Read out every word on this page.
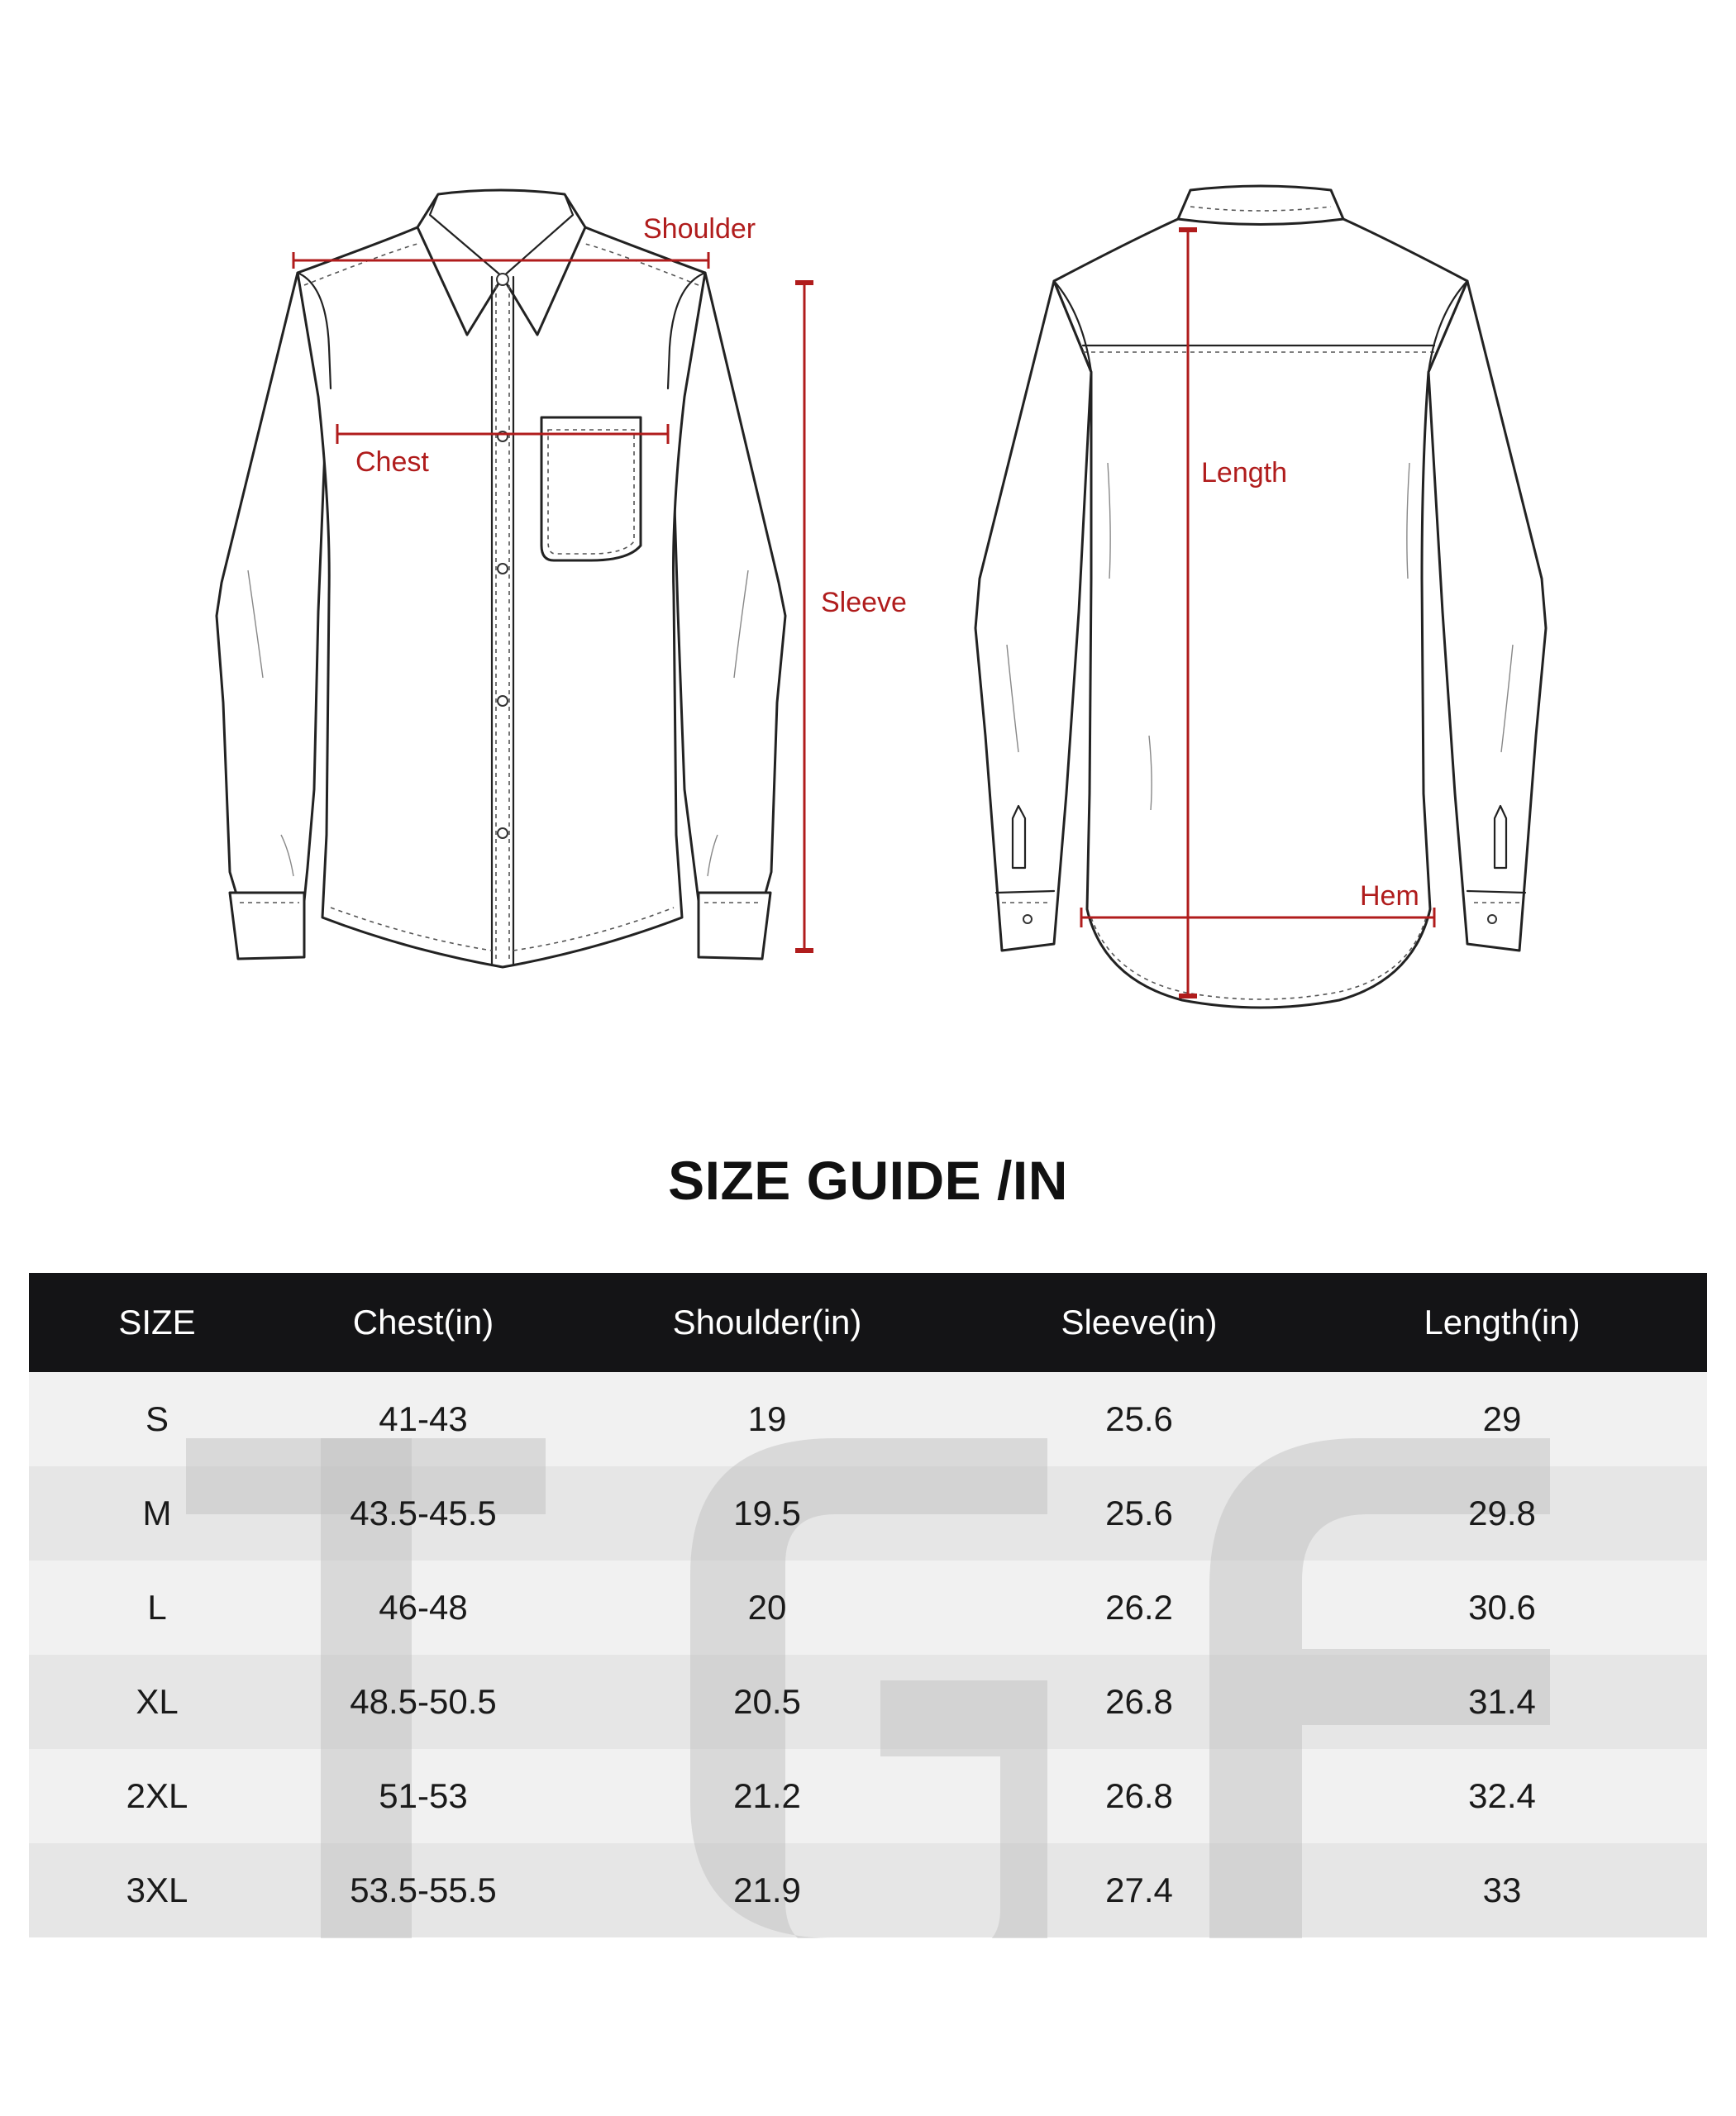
Shoulder
Chest
Sleeve
Length
Hem
SIZE GUIDE /IN
SIZE	Chest(in)	Shoulder(in)	Sleeve(in)	Length(in)
S	41-43	19	25.6	29
M	43.5-45.5	19.5	25.6	29.8
L	46-48	20	26.2	30.6
XL	48.5-50.5	20.5	26.8	31.4
2XL	51-53	21.2	26.8	32.4
3XL	53.5-55.5	21.9	27.4	33
